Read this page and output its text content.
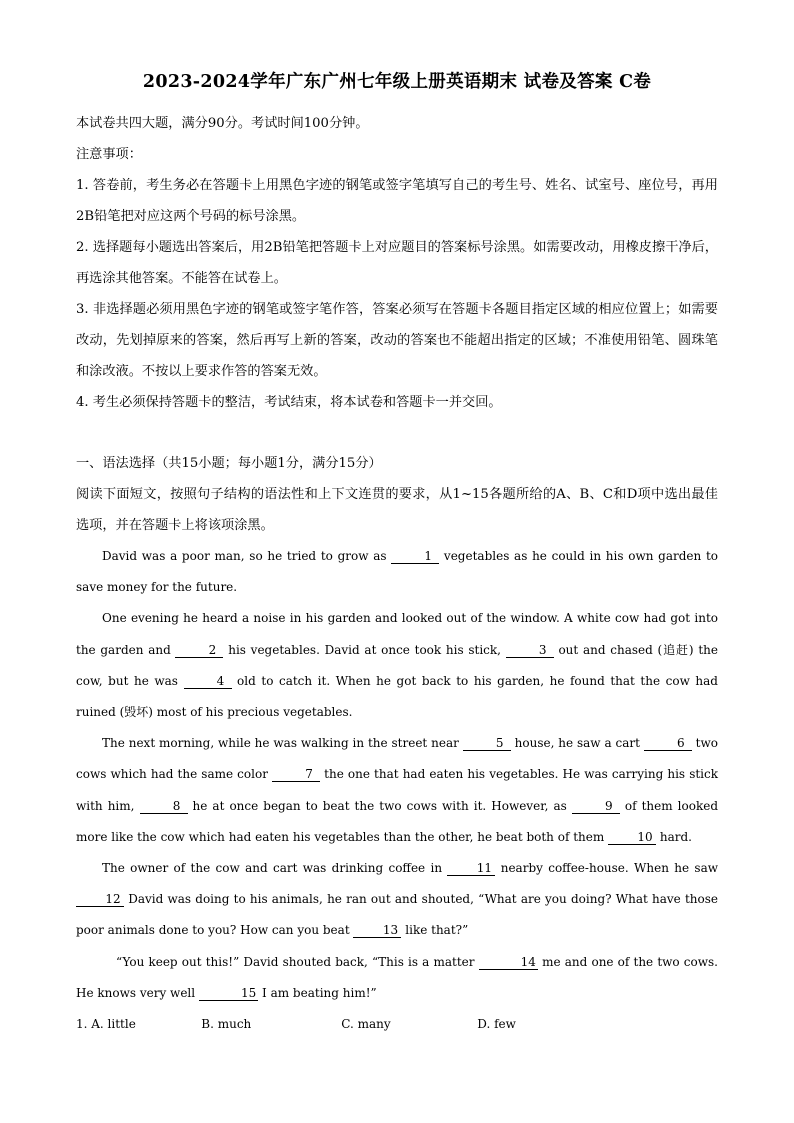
2023-2024学年广东广州七年级上册英语期末 试卷及答案 C卷

本试卷共四大题，满分90分。考试时间100分钟。

注意事项：

1. 答卷前，考生务必在答题卡上用黑色字迹的钢笔或签字笔填写自己的考生号、姓名、试室号、座位号，再用2B铅笔把对应这两个号码的标号涂黑。

2. 选择题每小题选出答案后，用2B铅笔把答题卡上对应题目的答案标号涂黑。如需要改动，用橡皮擦干净后，再选涂其他答案。不能答在试卷上。

3. 非选择题必须用黑色字迹的钢笔或签字笔作答，答案必须写在答题卡各题目指定区域的相应位置上；如需要改动，先划掉原来的答案，然后再写上新的答案，改动的答案也不能超出指定的区域；不准使用铅笔、圆珠笔和涂改液。不按以上要求作答的答案无效。

4. 考生必须保持答题卡的整洁，考试结束，将本试卷和答题卡一并交回。

一、语法选择（共15小题；每小题1分，满分15分）

阅读下面短文，按照句子结构的语法性和上下文连贯的要求，从1~15各题所给的A、B、C和D项中选出最佳选项，并在答题卡上将该项涂黑。

David was a poor man, so he tried to grow as	1 vegetables as he could in his own garden to save money for the future.

One evening he heard a noise in his garden and looked out of the window. A white cow had got into the garden and	2 his vegetables. David at once took his stick,	3 out and chased (追赶) the cow, but he was	4 old to catch it. When he got back to his garden, he found that the cow had ruined (毁坏) most of his precious vegetables.

The next morning, while he was walking in the street near	5 house, he saw a cart	6 two cows which had the same color	7 the one that had eaten his vegetables. He was carrying his stick with him,	8 he at once began to beat the two cows with it. However, as	9 of them looked more like the cow which had eaten his vegetables than the other, he beat both of them 10 hard.

The owner of the cow and cart was drinking coffee in 11 nearby coffee-house. When he saw 12 David was doing to his animals, he ran out and shouted, “What are you doing? What have those poor animals done to you? How can you beat 13 like that?”

“You keep out this!” David shouted back, “This is a matter	14 me and one of the two cows. He knows very well	15 I am beating him!”

1. A. little	B. much	C. many	D. few
